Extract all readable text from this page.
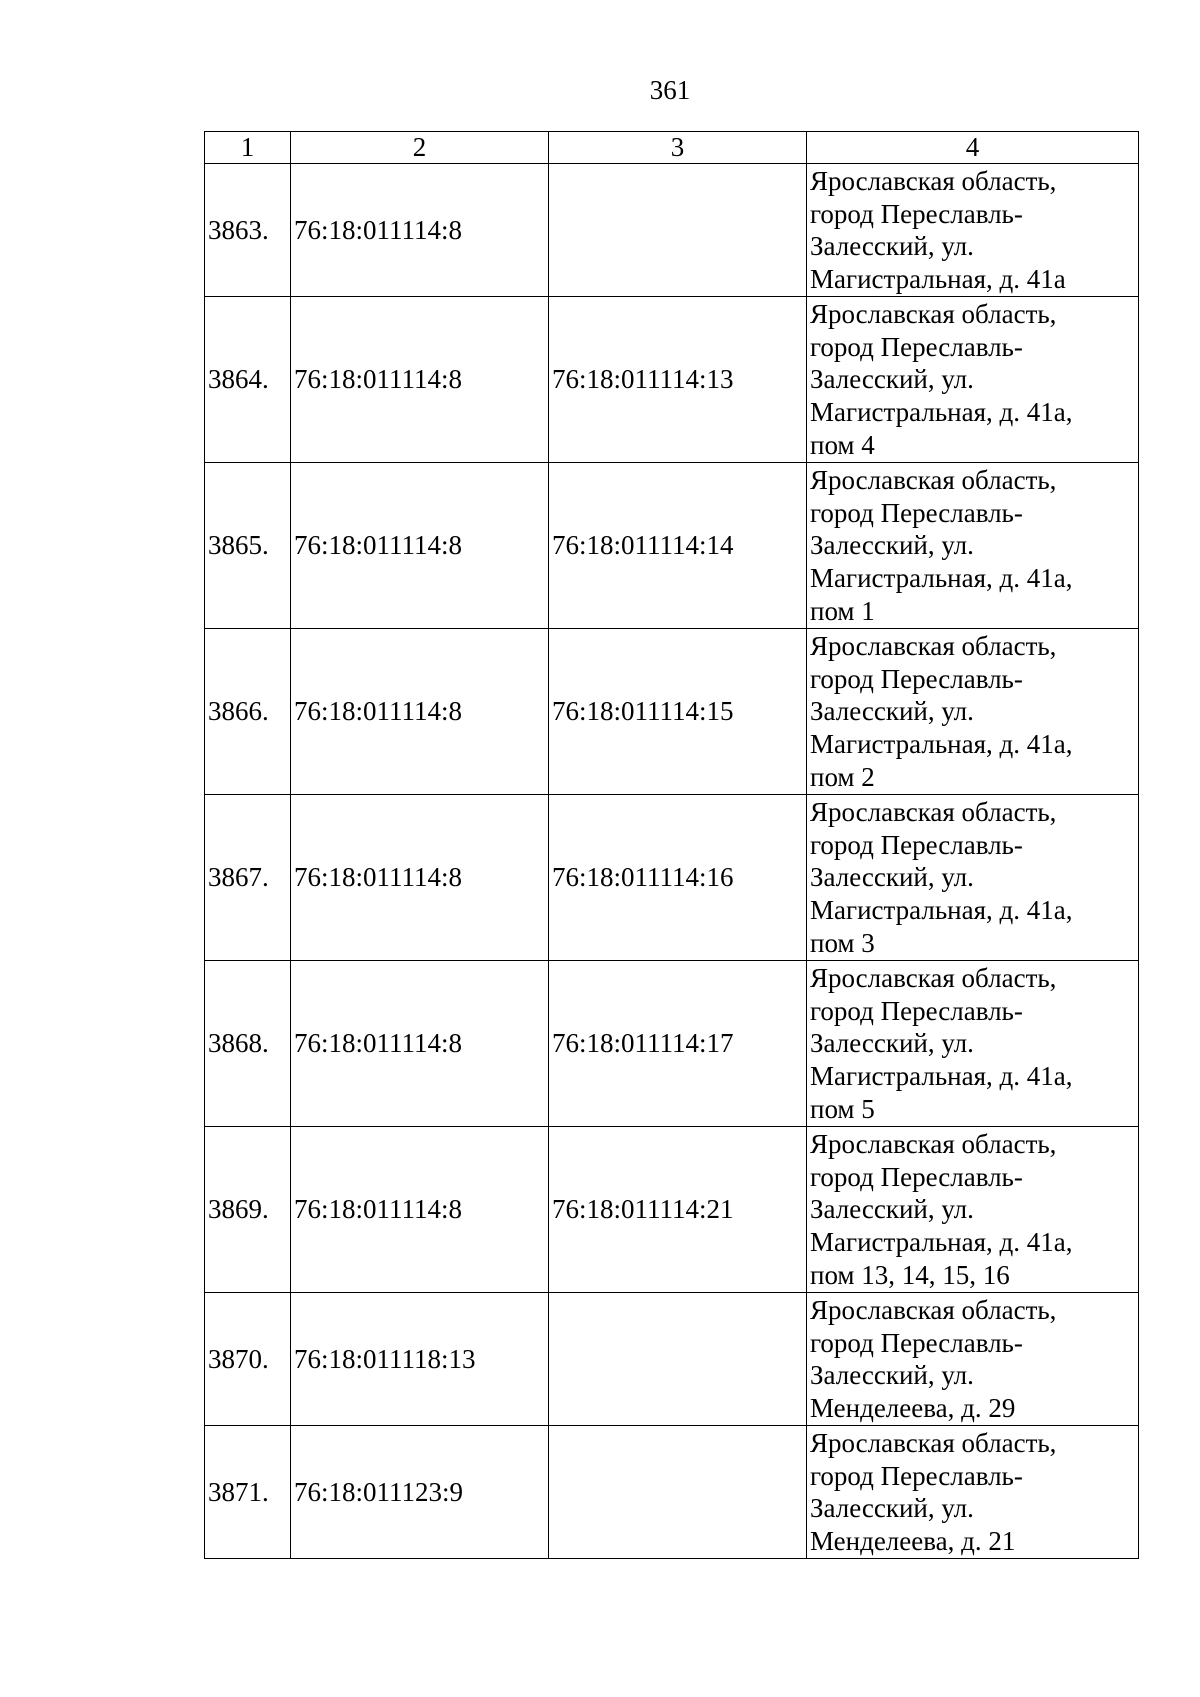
361
1	2	3	4
3863.	76:18:011114:8		Ярославская область,
город Переславль-
Залесский, ул.
Магистральная, д. 41а

3864.	76:18:011114:8	76:18:011114:13	Ярославская область,
город Переславль-
Залесский, ул.
Магистральная, д. 41а,
пом 4

3865.	76:18:011114:8	76:18:011114:14	Ярославская область,
город Переславль-
Залесский, ул.
Магистральная, д. 41а,
пом 1

3866.	76:18:011114:8	76:18:011114:15	Ярославская область,
город Переславль-
Залесский, ул.
Магистральная, д. 41а,
пом 2

3867.	76:18:011114:8	76:18:011114:16	Ярославская область,
город Переславль-
Залесский, ул.
Магистральная, д. 41а,
пом 3

3868.	76:18:011114:8	76:18:011114:17	Ярославская область,
город Переславль-
Залесский, ул.
Магистральная, д. 41а,
пом 5

3869.	76:18:011114:8	76:18:011114:21	Ярославская область,
город Переславль-
Залесский, ул.
Магистральная, д. 41а,
пом 13, 14, 15, 16

3870.	76:18:011118:13		Ярославская область,
город Переславль-
Залесский, ул.
Менделеева, д. 29

3871.	76:18:011123:9		Ярославская область,
город Переславль-
Залесский, ул.
Менделеева, д. 21
